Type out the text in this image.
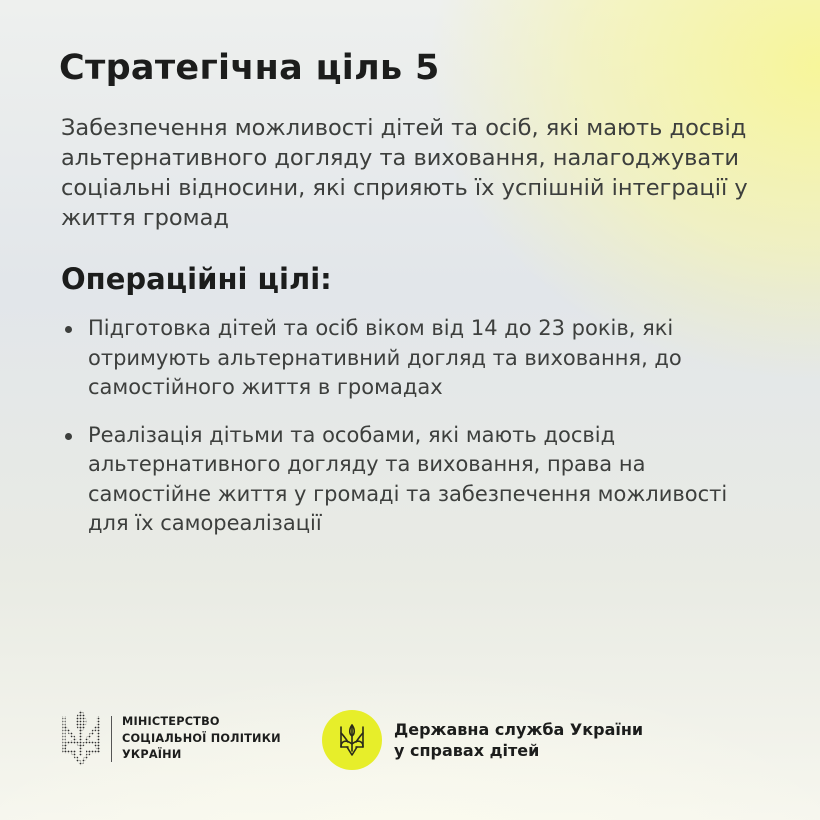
Стратегічна ціль 5

Забезпечення можливості дітей та осіб, які мають досвід альтернативного догляду та виховання, налагоджувати соціальні відносини, які сприяють їх успішній інтеграції у життя громад

Операційні цілі:
Підготовка дітей та осіб віком від 14 до 23 років, які отримують альтернативний догляд та виховання, до самостійного життя в громадах
Реалізація дітьми та особами, які мають досвід альтернативного догляду та виховання, права на самостійне життя у громаді та забезпечення можливості для їх самореалізації

МІНІСТЕРСТВО
СОЦІАЛЬНОЇ ПОЛІТИКИ
УКРАЇНИ

Державна служба України
у справах дітей
